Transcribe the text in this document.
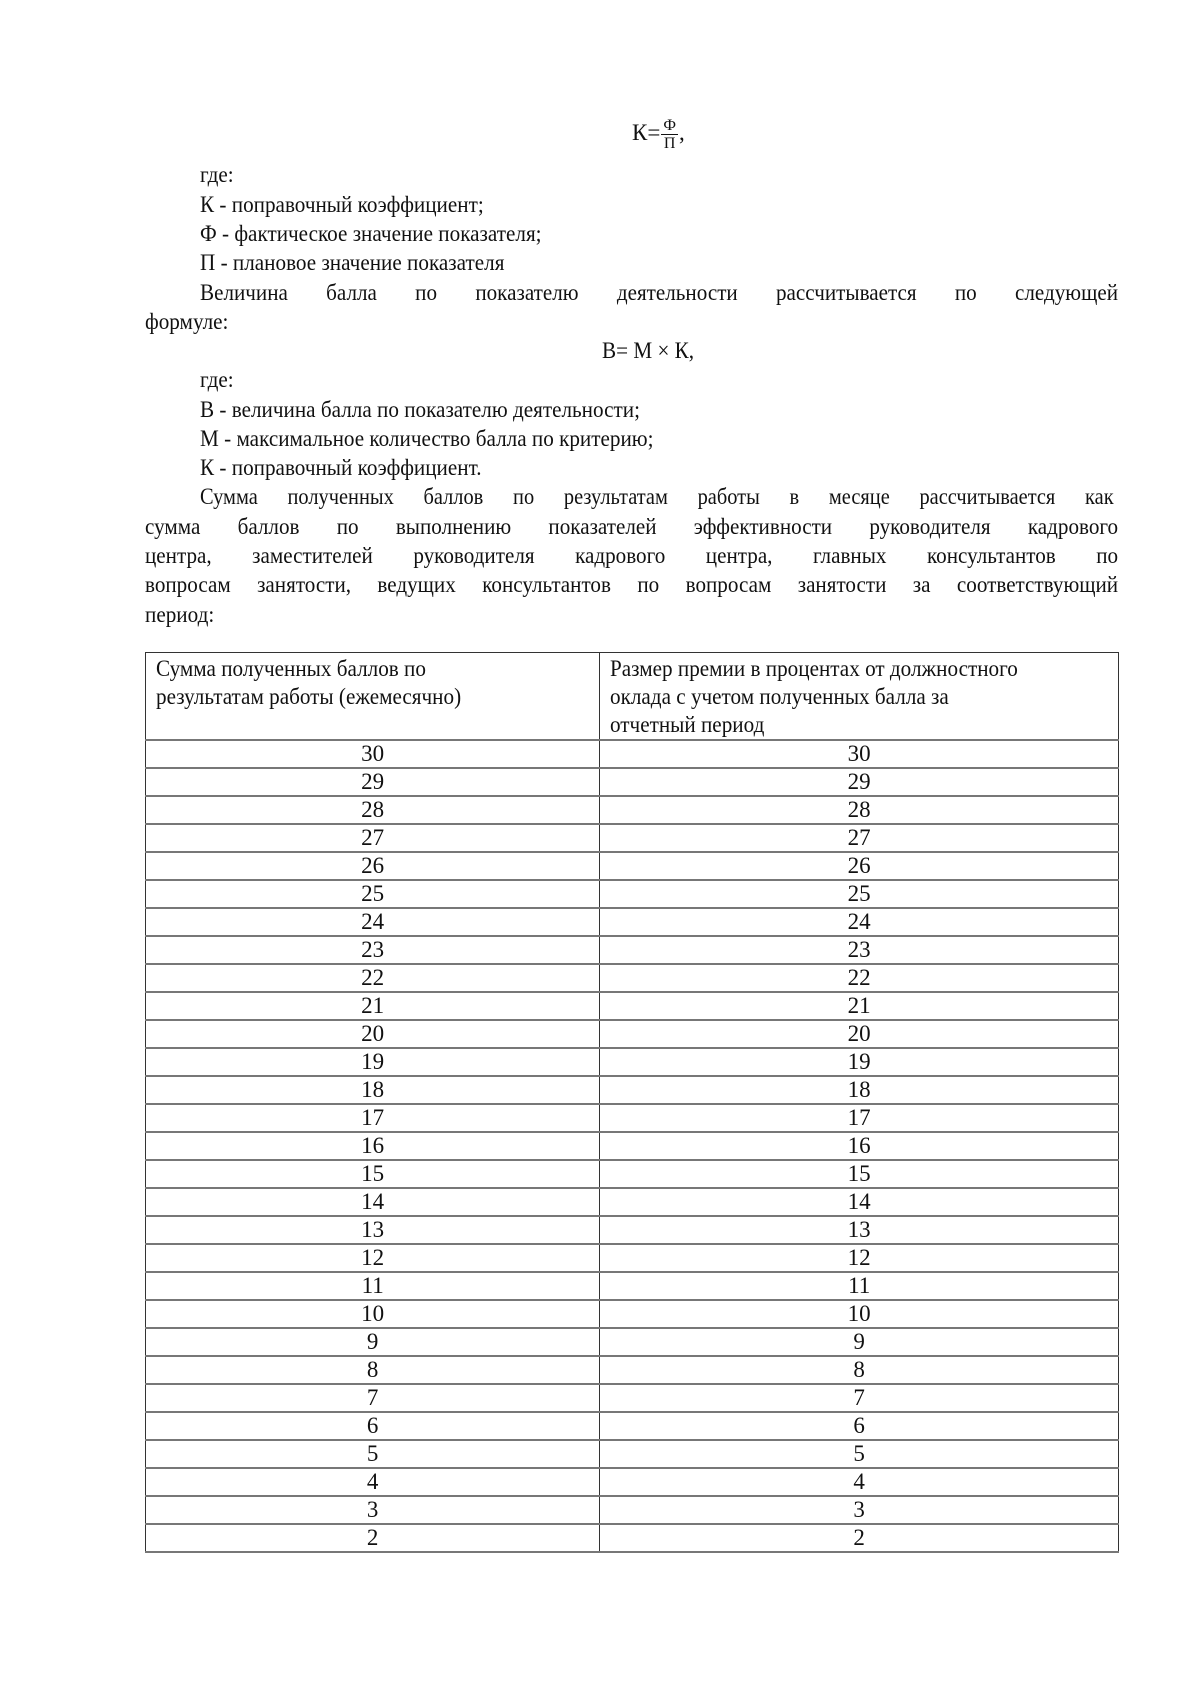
$К= \frac{Ф}{П}$ ,
где:
К - поправочный коэффициент;
Ф - фактическое значение показателя;
П - плановое значение показателя
Величина балла по показателю деятельности рассчитывается по следующей
формуле:
В= М × К,
где:
В - величина балла по показателю деятельности;
М - максимальное количество балла по критерию;
К - поправочный коэффициент.
Сумма полученных баллов по результатам работы в месяце рассчитывается как
сумма баллов по выполнению показателей эффективности руководителя кадрового
центра, заместителей руководителя кадрового центра, главных консультантов по
вопросам занятости, ведущих консультантов по вопросам занятости за соответствующий
период:
Сумма полученных баллов по
результатам работы (ежемесячно)	Размер премии в процентах от должностного
оклада с учетом полученных балла за
отчетный период
30	30
29	29
28	28
27	27
26	26
25	25
24	24
23	23
22	22
21	21
20	20
19	19
18	18
17	17
16	16
15	15
14	14
13	13
12	12
11	11
10	10
9	9
8	8
7	7
6	6
5	5
4	4
3	3
2	2
